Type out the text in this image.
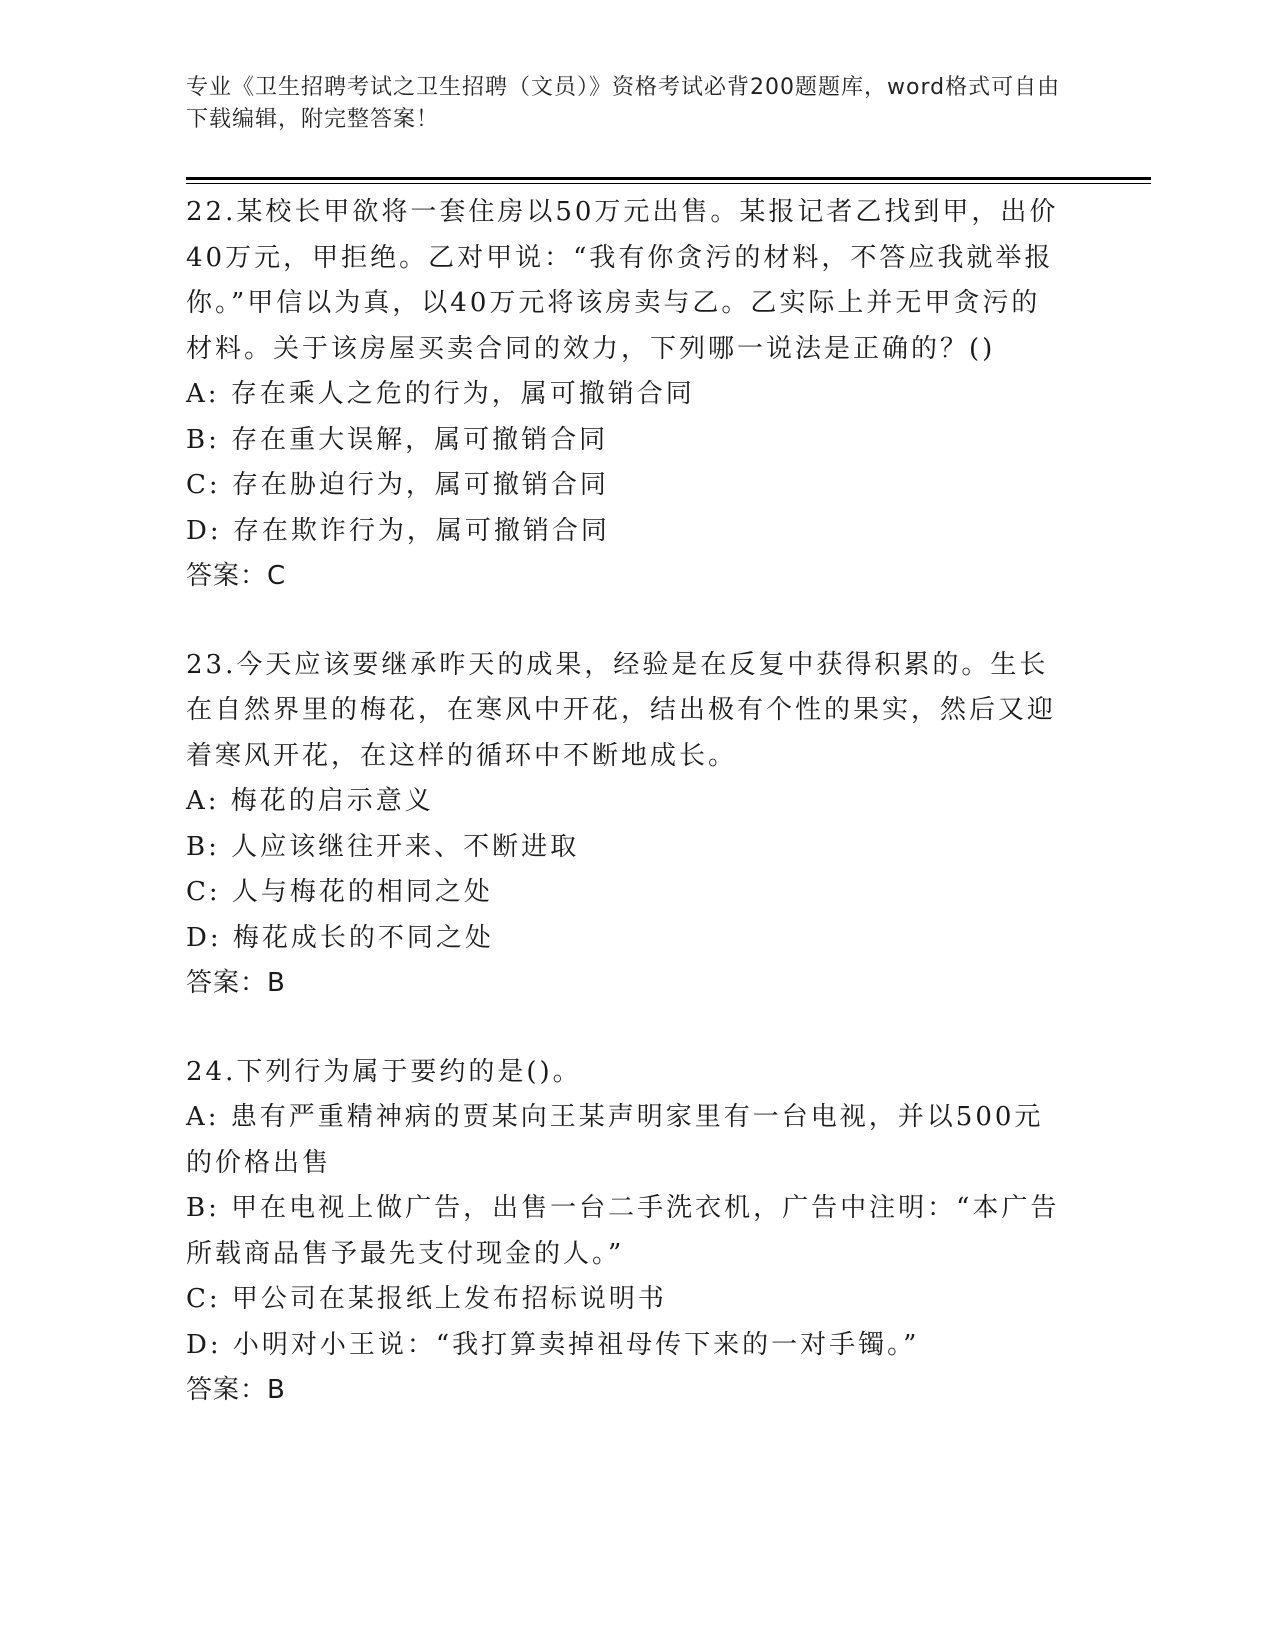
专业《卫生招聘考试之卫生招聘（文员）》资格考试必背200题题库，word格式可自由下载编辑，附完整答案！
22.某校长甲欲将一套住房以50万元出售。某报记者乙找到甲，出价40万元，甲拒绝。乙对甲说：“我有你贪污的材料，不答应我就举报你。”甲信以为真，以40万元将该房卖与乙。乙实际上并无甲贪污的材料。关于该房屋买卖合同的效力，下列哪一说法是正确的？()
A: 存在乘人之危的行为，属可撤销合同
B: 存在重大误解，属可撤销合同
C: 存在胁迫行为，属可撤销合同
D: 存在欺诈行为，属可撤销合同
答案：C
23.今天应该要继承昨天的成果，经验是在反复中获得积累的。生长在自然界里的梅花，在寒风中开花，结出极有个性的果实，然后又迎着寒风开花，在这样的循环中不断地成长。
A: 梅花的启示意义
B: 人应该继往开来、不断进取
C: 人与梅花的相同之处
D: 梅花成长的不同之处
答案：B
24.下列行为属于要约的是()。
A: 患有严重精神病的贾某向王某声明家里有一台电视，并以500元的价格出售
B: 甲在电视上做广告，出售一台二手洗衣机，广告中注明：“本广告所载商品售予最先支付现金的人。”
C: 甲公司在某报纸上发布招标说明书
D: 小明对小王说：“我打算卖掉祖母传下来的一对手镯。”
答案：B
